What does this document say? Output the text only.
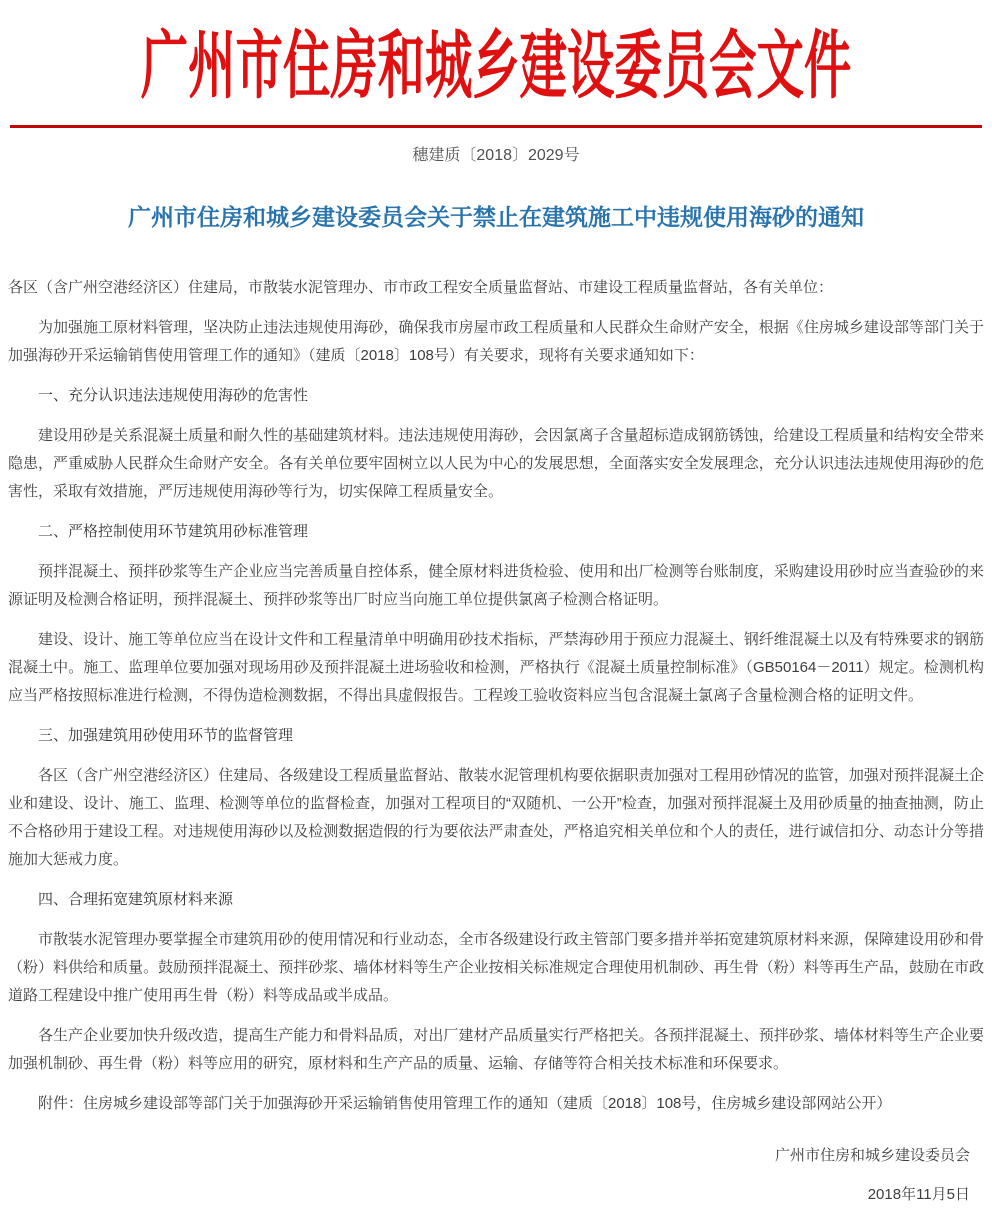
广州市住房和城乡建设委员会文件
穗建质〔2018〕2029号
广州市住房和城乡建设委员会关于禁止在建筑施工中违规使用海砂的通知

各区（含广州空港经济区）住建局，市散装水泥管理办、市市政工程安全质量监督站、市建设工程质量监督站，各有关单位：

为加强施工原材料管理，坚决防止违法违规使用海砂，确保我市房屋市政工程质量和人民群众生命财产安全，根据《住房城乡建设部等部门关于加强海砂开采运输销售使用管理工作的通知》（建质〔2018〕108号）有关要求，现将有关要求通知如下：

一、充分认识违法违规使用海砂的危害性

建设用砂是关系混凝土质量和耐久性的基础建筑材料。违法违规使用海砂，会因氯离子含量超标造成钢筋锈蚀，给建设工程质量和结构安全带来隐患，严重威胁人民群众生命财产安全。各有关单位要牢固树立以人民为中心的发展思想，全面落实安全发展理念，充分认识违法违规使用海砂的危害性，采取有效措施，严厉违规使用海砂等行为，切实保障工程质量安全。

二、严格控制使用环节建筑用砂标准管理

预拌混凝土、预拌砂浆等生产企业应当完善质量自控体系，健全原材料进货检验、使用和出厂检测等台账制度，采购建设用砂时应当查验砂的来源证明及检测合格证明，预拌混凝土、预拌砂浆等出厂时应当向施工单位提供氯离子检测合格证明。

建设、设计、施工等单位应当在设计文件和工程量清单中明确用砂技术指标，严禁海砂用于预应力混凝土、钢纤维混凝土以及有特殊要求的钢筋混凝土中。施工、监理单位要加强对现场用砂及预拌混凝土进场验收和检测，严格执行《混凝土质量控制标准》（GB50164－2011）规定。检测机构应当严格按照标准进行检测，不得伪造检测数据，不得出具虚假报告。工程竣工验收资料应当包含混凝土氯离子含量检测合格的证明文件。

三、加强建筑用砂使用环节的监督管理

各区（含广州空港经济区）住建局、各级建设工程质量监督站、散装水泥管理机构要依据职责加强对工程用砂情况的监管，加强对预拌混凝土企业和建设、设计、施工、监理、检测等单位的监督检查，加强对工程项目的“双随机、一公开”检查，加强对预拌混凝土及用砂质量的抽查抽测，防止不合格砂用于建设工程。对违规使用海砂以及检测数据造假的行为要依法严肃查处，严格追究相关单位和个人的责任，进行诚信扣分、动态计分等措施加大惩戒力度。

四、合理拓宽建筑原材料来源

市散装水泥管理办要掌握全市建筑用砂的使用情况和行业动态，全市各级建设行政主管部门要多措并举拓宽建筑原材料来源，保障建设用砂和骨（粉）料供给和质量。鼓励预拌混凝土、预拌砂浆、墙体材料等生产企业按相关标准规定合理使用机制砂、再生骨（粉）料等再生产品，鼓励在市政道路工程建设中推广使用再生骨（粉）料等成品或半成品。

各生产企业要加快升级改造，提高生产能力和骨料品质，对出厂建材产品质量实行严格把关。各预拌混凝土、预拌砂浆、墙体材料等生产企业要加强机制砂、再生骨（粉）料等应用的研究，原材料和生产产品的质量、运输、存储等符合相关技术标准和环保要求。

附件：住房城乡建设部等部门关于加强海砂开采运输销售使用管理工作的通知（建质〔2018〕108号，住房城乡建设部网站公开）

广州市住房和城乡建设委员会
2018年11月5日
